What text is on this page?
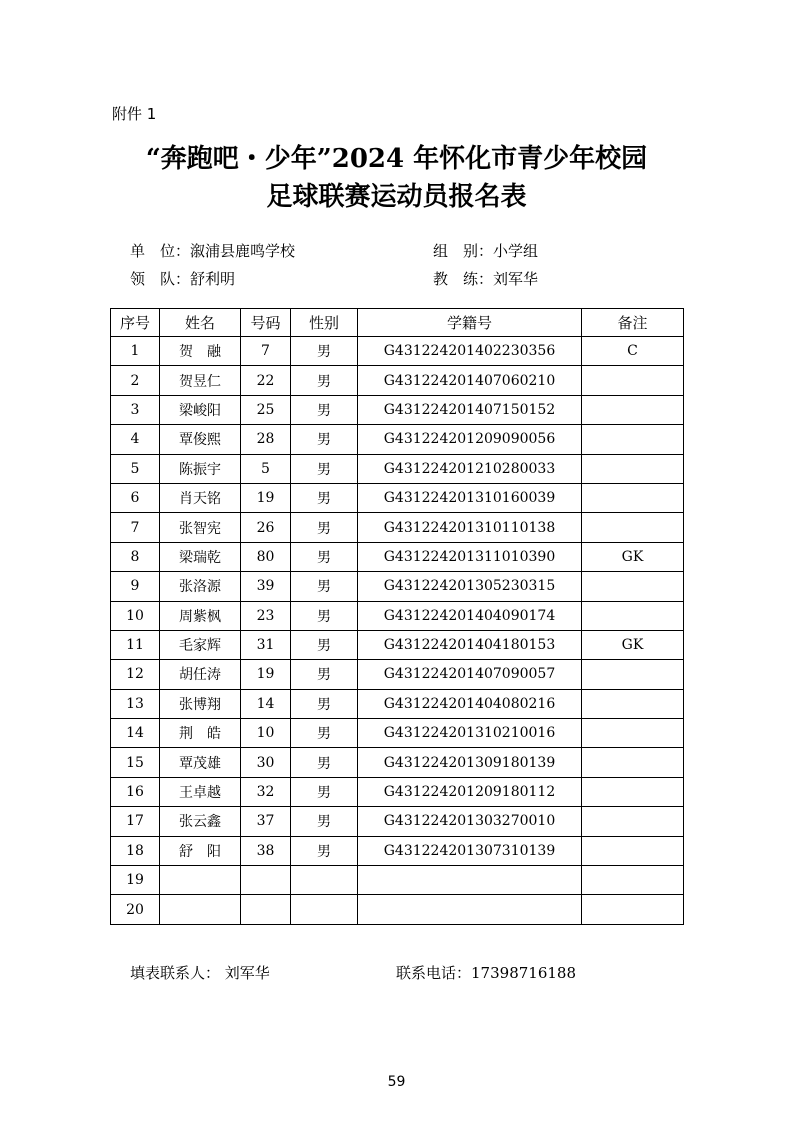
附件 1
“奔跑吧・少年”2024 年怀化市青少年校园
足球联赛运动员报名表
单　位：溆浦县鹿鸣学校	组　别：小学组
领　队：舒利明	教　练：刘军华
序号	姓名	号码	性别	学籍号	备注
1	贺　融	7	男	G431224201402230356	C
2	贺昱仁	22	男	G431224201407060210	
3	梁峻阳	25	男	G431224201407150152	
4	覃俊熙	28	男	G431224201209090056	
5	陈振宇	5	男	G431224201210280033	
6	肖天铭	19	男	G431224201310160039	
7	张智宪	26	男	G431224201310110138	
8	梁瑞乾	80	男	G431224201311010390	GK
9	张洛源	39	男	G431224201305230315	
10	周紫枫	23	男	G431224201404090174	
11	毛家辉	31	男	G431224201404180153	GK
12	胡任涛	19	男	G431224201407090057	
13	张博翔	14	男	G431224201404080216	
14	荆　皓	10	男	G431224201310210016	
15	覃茂雄	30	男	G431224201309180139	
16	王卓越	32	男	G431224201209180112	
17	张云鑫	37	男	G431224201303270010	
18	舒　阳	38	男	G431224201307310139	
19					
20					
填表联系人： 刘军华	联系电话：17398716188
59
